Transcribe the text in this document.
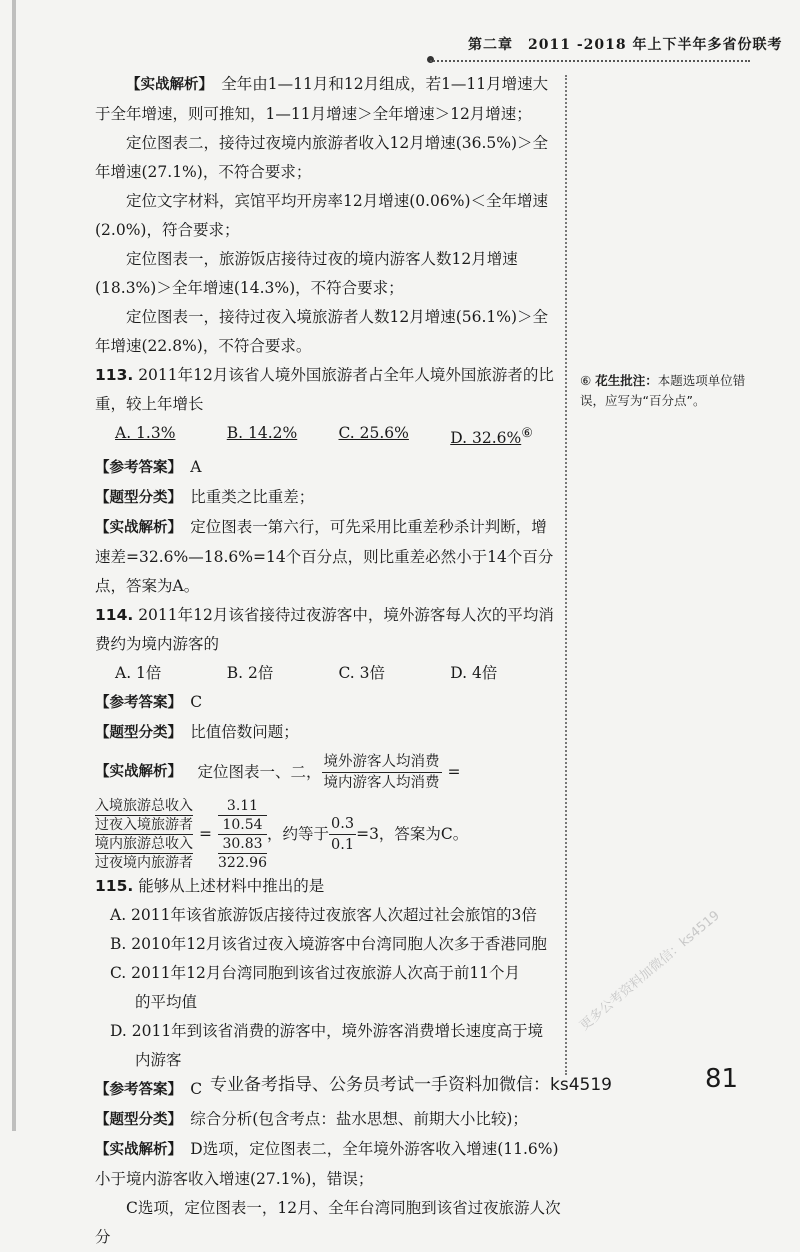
第二章　2011 -2018 年上下半年多省份联考

【实战解析】　 全年由1—11月和12月组成，若1—11月增速大于全年增速，则可推知，1—11月增速＞全年增速＞12月增速；

定位图表二，接待过夜境内旅游者收入12月增速(36.5%)＞全年增速(27.1%)，不符合要求；

定位文字材料，宾馆平均开房率12月增速(0.06%)＜全年增速(2.0%)，符合要求；

定位图表一，旅游饭店接待过夜的境内游客人数12月增速(18.3%)＞全年增速(14.3%)，不符合要求；

定位图表一，接待过夜入境旅游者人数12月增速(56.1%)＞全年增速(22.8%)，不符合要求。

113. 2011年12月该省人境外国旅游者占全年人境外国旅游者的比重，较上年增长

A. 1.3%	B. 14.2%	C. 25.6%	D. 32.6%⑥

【参考答案】　 A

【题型分类】　 比重类之比重差；

【实战解析】　 定位图表一第六行，可先采用比重差秒杀计判断，增速差=32.6%—18.6%=14个百分点，则比重差必然小于14个百分点，答案为A。

114. 2011年12月该省接待过夜游客中，境外游客每人次的平均消费约为境内游客的

A. 1倍	B. 2倍	C. 3倍	D. 4倍

【参考答案】　 C

【题型分类】　 比值倍数问题；

【实战解析】
　 定位图表一、二， $\frac{\text{境外游客人均消费}}{\text{境内游客人均消费}}$ =
入境旅游总收入
过夜入境旅游者
境内旅游总收入
过夜境内旅游者
=
3.11
10.54
30.83
322.96
，约等于 $\frac{0.3}{0.1} =3$，答案为C。

115. 能够从上述材料中推出的是

A. 2011年该省旅游饭店接待过夜旅客人次超过社会旅馆的3倍

B. 2010年12月该省过夜入境游客中台湾同胞人次多于香港同胞

C. 2011年12月台湾同胞到该省过夜旅游人次高于前11个月

的平均值

D. 2011年到该省消费的游客中，境外游客消费增长速度高于境

内游客

【参考答案】　 C

【题型分类】　 综合分析(包含考点：盐水思想、前期大小比较)；

【实战解析】　 D选项，定位图表二，全年境外游客收入增速(11.6%)小于境内游客收入增速(27.1%)，错误；

C选项，定位图表一，12月、全年台湾同胞到该省过夜旅游人次分

⑥ 花生批注：本题选项单位错误，应写为“百分点”。
更多公考资料加微信：ks4519
专业备考指导、公务员考试一手资料加微信：ks4519	81
